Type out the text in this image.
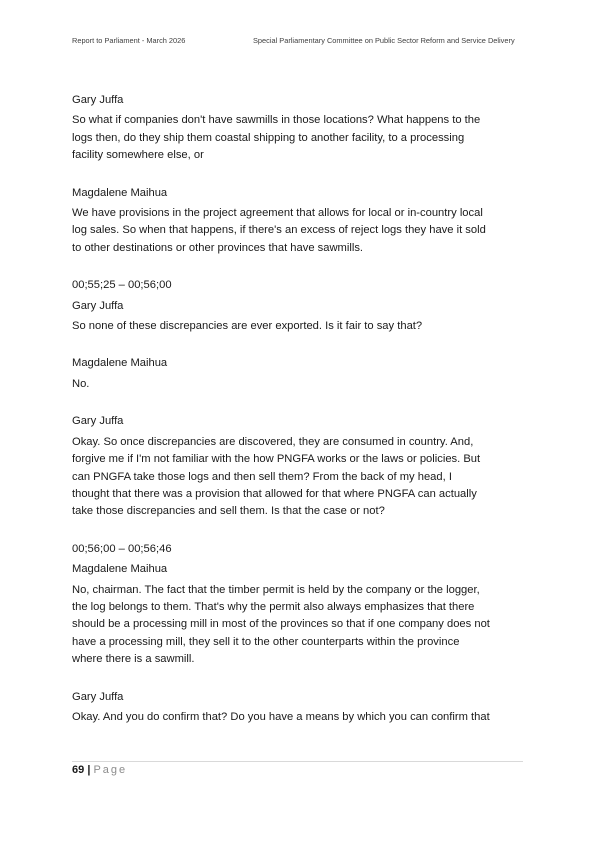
Report to Parliament - March 2026	Special Parliamentary Committee on Public Sector Reform and Service Delivery

Gary Juffa

So what if companies don't have sawmills in those locations? What happens to the

logs then, do they ship them coastal shipping to another facility, to a processing

facility somewhere else, or

Magdalene Maihua

We have provisions in the project agreement that allows for local or in-country local

log sales. So when that happens, if there's an excess of reject logs they have it sold

to other destinations or other provinces that have sawmills.

00;55;25 – 00;56;00

Gary Juffa

So none of these discrepancies are ever exported. Is it fair to say that?

Magdalene Maihua

No.

Gary Juffa

Okay. So once discrepancies are discovered, they are consumed in country. And,

forgive me if I'm not familiar with the how PNGFA works or the laws or policies. But

can PNGFA take those logs and then sell them? From the back of my head, I

thought that there was a provision that allowed for that where PNGFA can actually

take those discrepancies and sell them. Is that the case or not?

00;56;00 – 00;56;46

Magdalene Maihua

No, chairman. The fact that the timber permit is held by the company or the logger,

the log belongs to them. That's why the permit also always emphasizes that there

should be a processing mill in most of the provinces so that if one company does not

have a processing mill, they sell it to the other counterparts within the province

where there is a sawmill.

Gary Juffa

Okay. And you do confirm that? Do you have a means by which you can confirm that

69 | Page
